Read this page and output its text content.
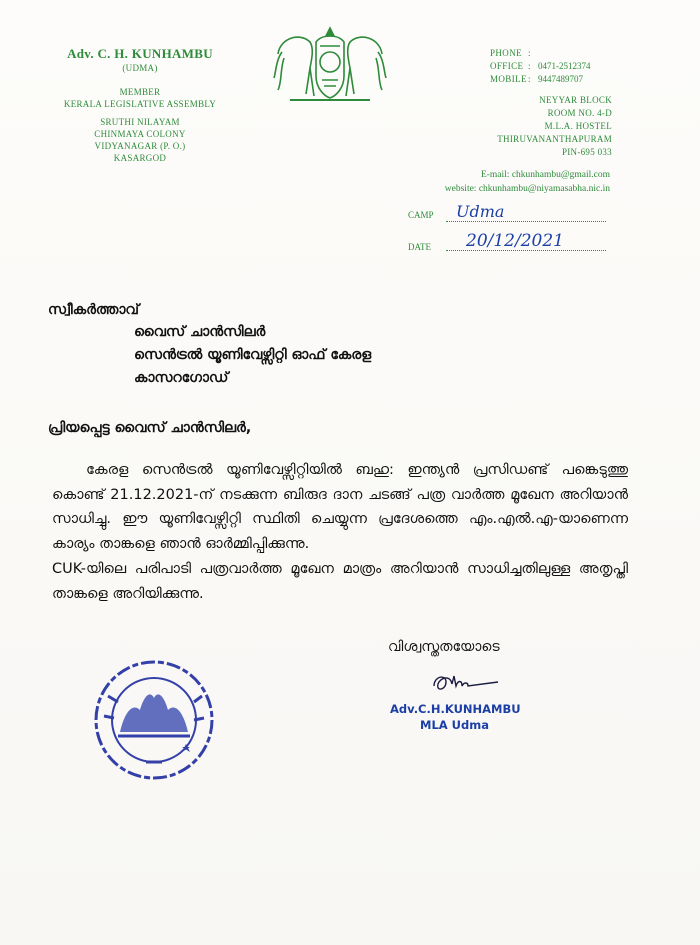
Adv. C. H. KUNHAMBU
(UDMA)
MEMBER
KERALA LEGISLATIVE ASSEMBLY
SRUTHI NILAYAM
CHINMAYA COLONY
VIDYANAGAR (P. O.)
KASARGOD
PHONE :
OFFICE : 0471-2512374
MOBILE : 9447489707
NEYYAR BLOCK
ROOM NO. 4-D
M.L.A. HOSTEL
THIRUVANANTHAPURAM
PIN-695 033
E-mail: chkunhambu@gmail.com
website: chkunhambu@niyamasabha.nic.in
CAMP Udma
DATE 20/12/2021
സ്വീകർത്താവ്
വൈസ് ചാൻസിലർ
സെൻട്രൽ യൂണിവേഴ്സിറ്റി ഓഫ് കേരള
കാസറഗോഡ്
പ്രിയപ്പെട്ട വൈസ് ചാൻസിലർ,
കേരള സെൻട്രൽ യൂണിവേഴ്സിറ്റിയിൽ ബഹു: ഇന്ത്യൻ പ്രസിഡണ്ട് പങ്കെടുത്തു കൊണ്ട് 21.12.2021-ന് നടക്കുന്ന ബിരുദ ദാന ചടങ്ങ് പത്ര വാർത്ത മൂഖേന അറിയാൻ സാധിച്ചു. ഈ യൂണിവേഴ്സിറ്റി സ്ഥിതി ചെയ്യുന്ന പ്രദേശത്തെ എം.എൽ.എ-യാണെന്ന കാര്യം താങ്കളെ ഞാൻ ഓർമ്മിപ്പിക്കുന്നു.
CUK-യിലെ പരിപാടി പത്രവാർത്ത മൂഖേന മാത്രം അറിയാൻ സാധിച്ചതിലുള്ള അതൃപ്തി താങ്കളെ അറിയിക്കുന്നു.
വിശ്വസ്തതയോടെ
Adv.C.H.KUNHAMBU
MLA Udma
